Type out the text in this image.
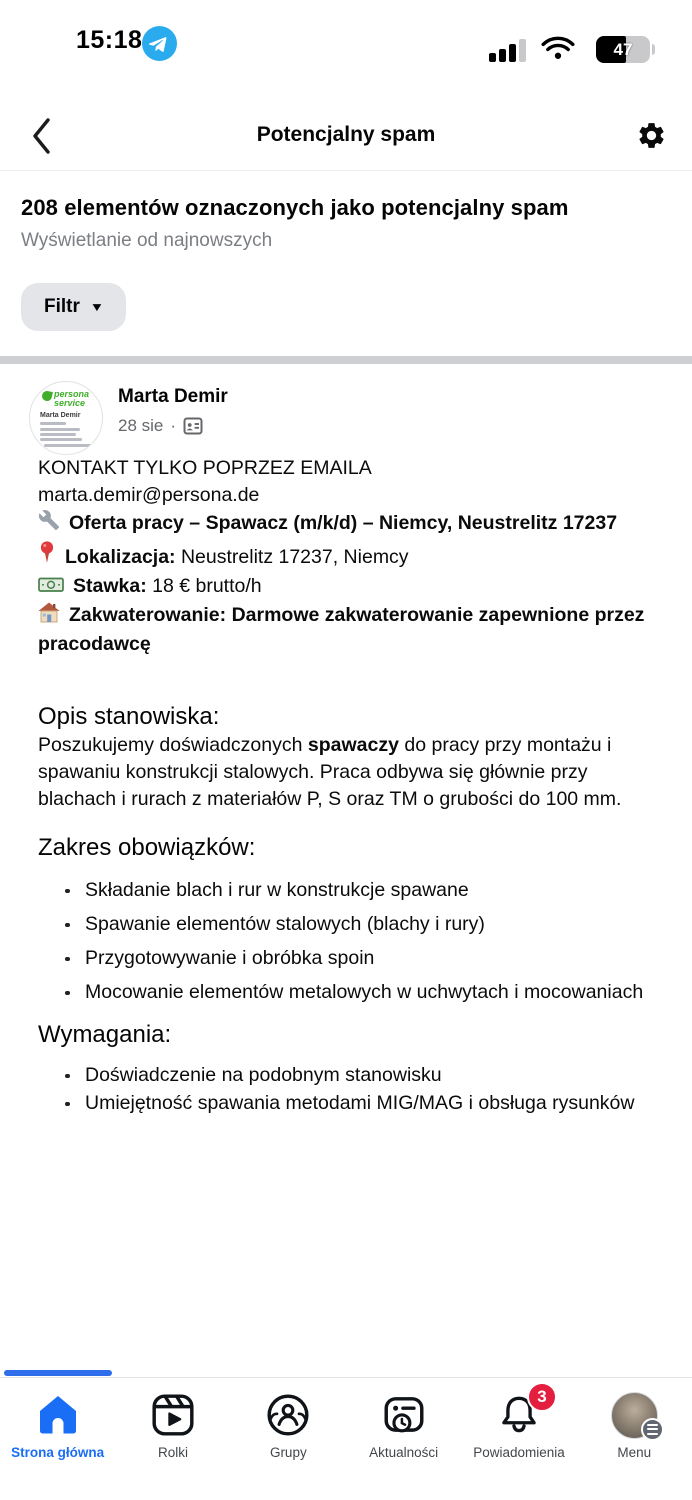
15:18	47
Potencjalny spam
208 elementów oznaczonych jako potencjalny spam
Wyświetlanie od najnowszych
Filtr ▼
persona
service
Marta Demir
Marta Demir
28 sie ·

KONTAKT TYLKO POPRZEZ EMAILA

marta.demir@persona.de

Oferta pracy – Spawacz (m/k/d) – Niemcy, Neustrelitz 17237

Lokalizacja: Neustrelitz 17237, Niemcy

Stawka: 18 € brutto/h

Zakwaterowanie: Darmowe zakwaterowanie zapewnione przez pracodawcę

Opis stanowiska:

Poszukujemy doświadczonych spawaczy do pracy przy montażu i spawaniu konstrukcji stalowych. Praca odbywa się głównie przy blachach i rurach z materiałów P, S oraz TM o grubości do 100 mm.

Zakres obowiązków:
Składanie blach i rur w konstrukcje spawane
Spawanie elementów stalowych (blachy i rury)
Przygotowywanie i obróbka spoin
Mocowanie elementów metalowych w uchwytach i mocowaniach
Wymagania:
Doświadczenie na podobnym stanowisku
Umiejętność spawania metodami MIG/MAG i obsługa rysunków
Strona główna	Rolki	Grupy	Aktualności
3
Powiadomienia	Menu
